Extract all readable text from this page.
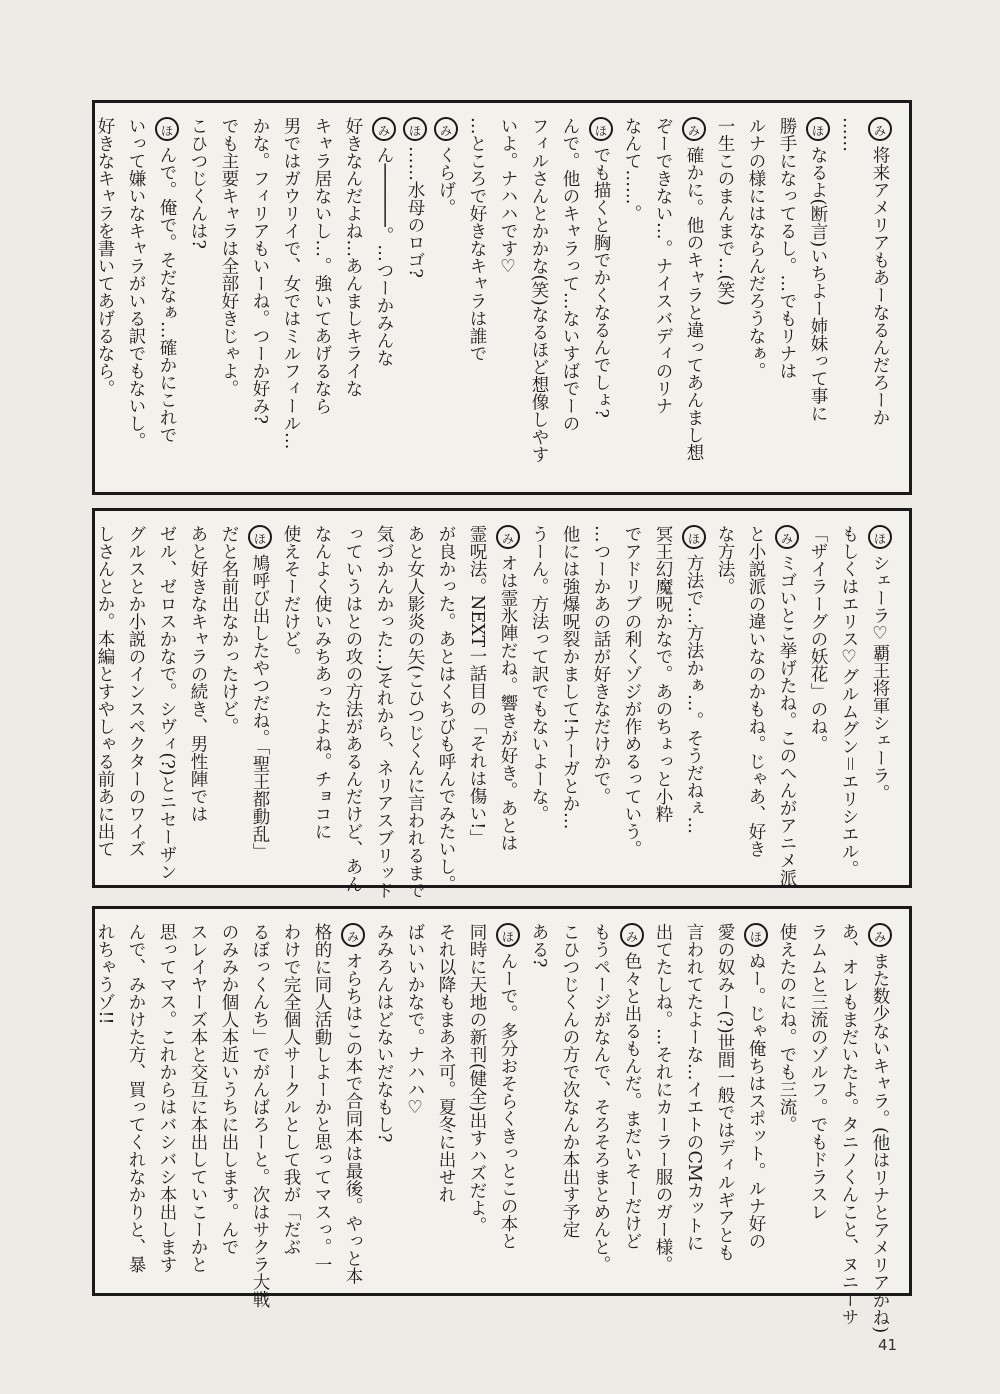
み将来アメリアもあーなるんだろーか
……
ほなるよ(断言)いちよー姉妹って事に
勝手になってるし。…でもリナは
ルナの様にはならんだろうなぁ。
一生このまんまで…(笑)
み確かに。他のキャラと違ってあんまし想
ぞーできない…。ナイスバディのリナ
なんて……。
ほでも描くと胸でかくなるんでしょ?
んで。他のキャラって…ないすばでーの
フィルさんとかかな(笑)なるほど想像しやす
いよ。ナハハです♡
…ところで好きなキャラは誰で
みくらげ。
ほ……水母のロゴ?
みん──────。…つーかみんな
好きなんだよね…あんましキライな
キャラ居ないし…。強いてあげるなら
男ではガウリイで、女ではミルフィール…
かな。フィリアもいーね。つーか好み?
でも主要キャラは全部好きじゃよ。
こひつじくんは?
ほんで。俺で。そだなぁ…確かにこれで
いって嫌いなキャラがいる訳でもないし。
好きなキャラを書いてあげるなら。
ほシェーラ♡覇王将軍シェーラ。
もしくはエリス♡グルムグン＝エリシエル。
「ザイラーグの妖花」のね。
みミゴいとこ挙げたね。このへんがアニメ派
と小説派の違いなのかもね。じゃあ、好き
な方法。
ほ方法で…方法かぁ…。そうだねぇ…
冥王幻魔呪かなで。あのちょっと小粋
でアドリブの利くゾジが作めるっていう。
…つーかあの話が好きなだけかで。
他には強爆呪裂かまして!ナーガとか…
うーん。方法って訳でもないよーな。
みオは霊氷陣だね。響きが好き。あとは
霊呪法。NEXT一話目の「それは傷い!」
が良かった。あとはくちびも呼んでみたいし。
あと女人影炎の矢(こひつじくんに言われるまで
気づかんかった…)それから、ネリアスブリッド
っていうはとの攻の方法があるんだけど、あん
なんよく使いみちあったよね。チョコに
使えそーだけど。
ほ鳩呼び出したやつだね。「聖王都動乱」
だと名前出なかったけど。
あと好きなキャラの続き、男性陣では
ゼル、ゼロスかなで。シヴィ(?)とニセーザン
グルスとか小説のインスペクターのワイズ
しさんとか。本編とすやしゃる前あに出て
みまた数少ないキャラ。(他はリナとアメリアかね)
あ、オレもまだいたよ。タニノくんこと、ヌニーサ
ラムムと三流のゾルフ。でもドラスレ
使えたのにね。でも三流。
ほぬー。じゃ俺ちはスポット。ルナ好の
愛の奴みー(?)世間一般ではディルギアとも
言われてたよーな…イエトのCMカットに
出てたしね。…それにカーラー服のガー様。
み色々と出るもんだ。まだいそーだけど
もうページがなんで、そろそろまとめんと。
こひつじくんの方で次なんか本出す予定
ある?
ほんーで。多分おそらくきっとこの本と
同時に天地の新刊(健全)出すハズだよ。
それ以降もまあネ可。夏冬に出せれ
ばいいかなで。ナハハ♡
みみろんはどないだなもし?
みオらちはこの本で合同本は最後。やっと本
格的に同人活動しよーかと思ってマスっ。一
わけで完全個人サークルとして我が「だぶ
るぼっくんち」でがんばろーと。次はサクラ大戦
のみみか個人本近いうちに出します。んで
スレイヤーズ本と交互に本出していこーかと
思ってマス。これからはバシバシ本出します
んで、みかけた方、買ってくれなかりと、暴
れちゃうゾ!!
41
